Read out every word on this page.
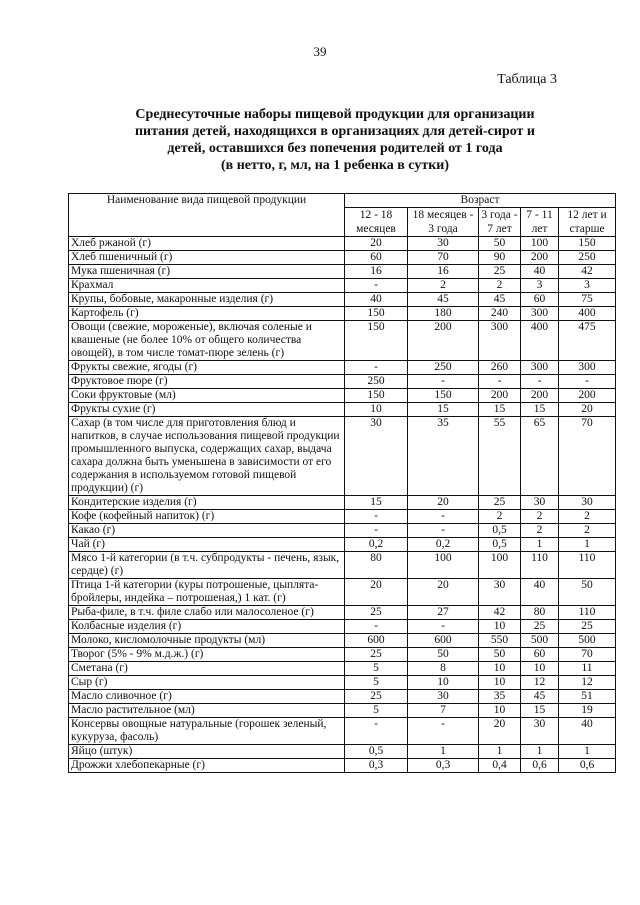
39
Таблица 3
Среднесуточные наборы пищевой продукции для организации
питания детей, находящихся в организациях для детей-сирот и
детей, оставшихся без попечения родителей от 1 года
(в нетто, г, мл, на 1 ребенка в сутки)
Наименование вида пищевой продукции	Возраст				
	12 - 18 месяцев	18 месяцев - 3 года	3 года - 7 лет	7 - 11 лет	12 лет и старше
Хлеб ржаной (г)	20	30	50	100	150
Хлеб пшеничный (г)	60	70	90	200	250
Мука пшеничная (г)	16	16	25	40	42
Крахмал	-	2	2	3	3
Крупы, бобовые, макаронные изделия (г)	40	45	45	60	75
Картофель (г)	150	180	240	300	400
Овощи (свежие, мороженые), включая соленые и квашеные (не более 10% от общего количества овощей), в том числе томат-пюре зелень (г)	150	200	300	400	475
Фрукты свежие, ягоды (г)	-	250	260	300	300
Фруктовое пюре (г)	250	-	-	-	-
Соки фруктовые (мл)	150	150	200	200	200
Фрукты сухие (г)	10	15	15	15	20
Сахар (в том числе для приготовления блюд и напитков, в случае использования пищевой продукции промышленного выпуска, содержащих сахар, выдача сахара должна быть уменьшена в зависимости от его содержания в используемом готовой пищевой продукции) (г)	30	35	55	65	70
Кондитерские изделия (г)	15	20	25	30	30
Кофе (кофейный напиток) (г)	-	-	2	2	2
Какао (г)	-	-	0,5	2	2
Чай (г)	0,2	0,2	0,5	1	1
Мясо 1-й категории (в т.ч. субпродукты - печень, язык, сердце) (г)	80	100	100	110	110
Птица 1-й категории (куры потрошеные, цыплята-бройлеры, индейка – потрошеная,) 1 кат. (г)	20	20	30	40	50
Рыба-филе, в т.ч. филе слабо или малосоленое (г)	25	27	42	80	110
Колбасные изделия (г)	-	-	10	25	25
Молоко, кисломолочные продукты (мл)	600	600	550	500	500
Творог (5% - 9% м.д.ж.) (г)	25	50	50	60	70
Сметана (г)	5	8	10	10	11
Сыр (г)	5	10	10	12	12
Масло сливочное (г)	25	30	35	45	51
Масло растительное (мл)	5	7	10	15	19
Консервы овощные натуральные (горошек зеленый, кукуруза, фасоль)	-	-	20	30	40
Яйцо (штук)	0,5	1	1	1	1
Дрожжи хлебопекарные (г)	0,3	0,3	0,4	0,6	0,6
